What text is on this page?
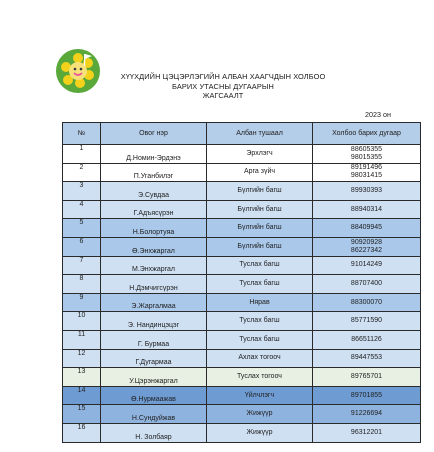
ХҮҮХДИЙН ЦЭЦЭРЛЭГИЙН АЛБАН ХААГЧДЫН ХОЛБОО
БАРИХ УТАСНЫ ДУГААРЫН
ЖАГСААЛТ
2023 он
№	Овог нэр	Албан тушаал	Холбоо барих дугаар
1	Д.Номин-Эрдэнэ	Эрхлэгч	88605355
98015355

2	П.Уганбилэг	Арга зүйч	89191496
98031415

3	Э.Сувдаа	Бүлгийн багш	89930393

4	Г.Адъясүрэн	Бүлгийн багш	88940314

5	Н.Болортуяа	Бүлгийн багш	88409945

6	Ө.Энхжаргал	Бүлгийн багш	90920928
86227342

7	М.Энхжаргал	Туслах багш	91014249

8	Н.Дэмчигсүрэн	Туслах багш	88707400

9	Э.Жаргалмаа	Нярав	88300070

10	Э. Нандинцэцэг	Туслах багш	85771590

11	Г. Бурмаа	Туслах багш	86651126

12	Г.Дугармаа	Ахлах тогооч	89447553

13	У.Цэрэнжаргал	Туслах тогооч	89765701

14	Ө.Нурмаажав	Үйлчлэгч	89701855

15	Н.Сундуйжав	Жижүүр	91226694

16	Н. Золбаяр	Жижүүр	96312201
